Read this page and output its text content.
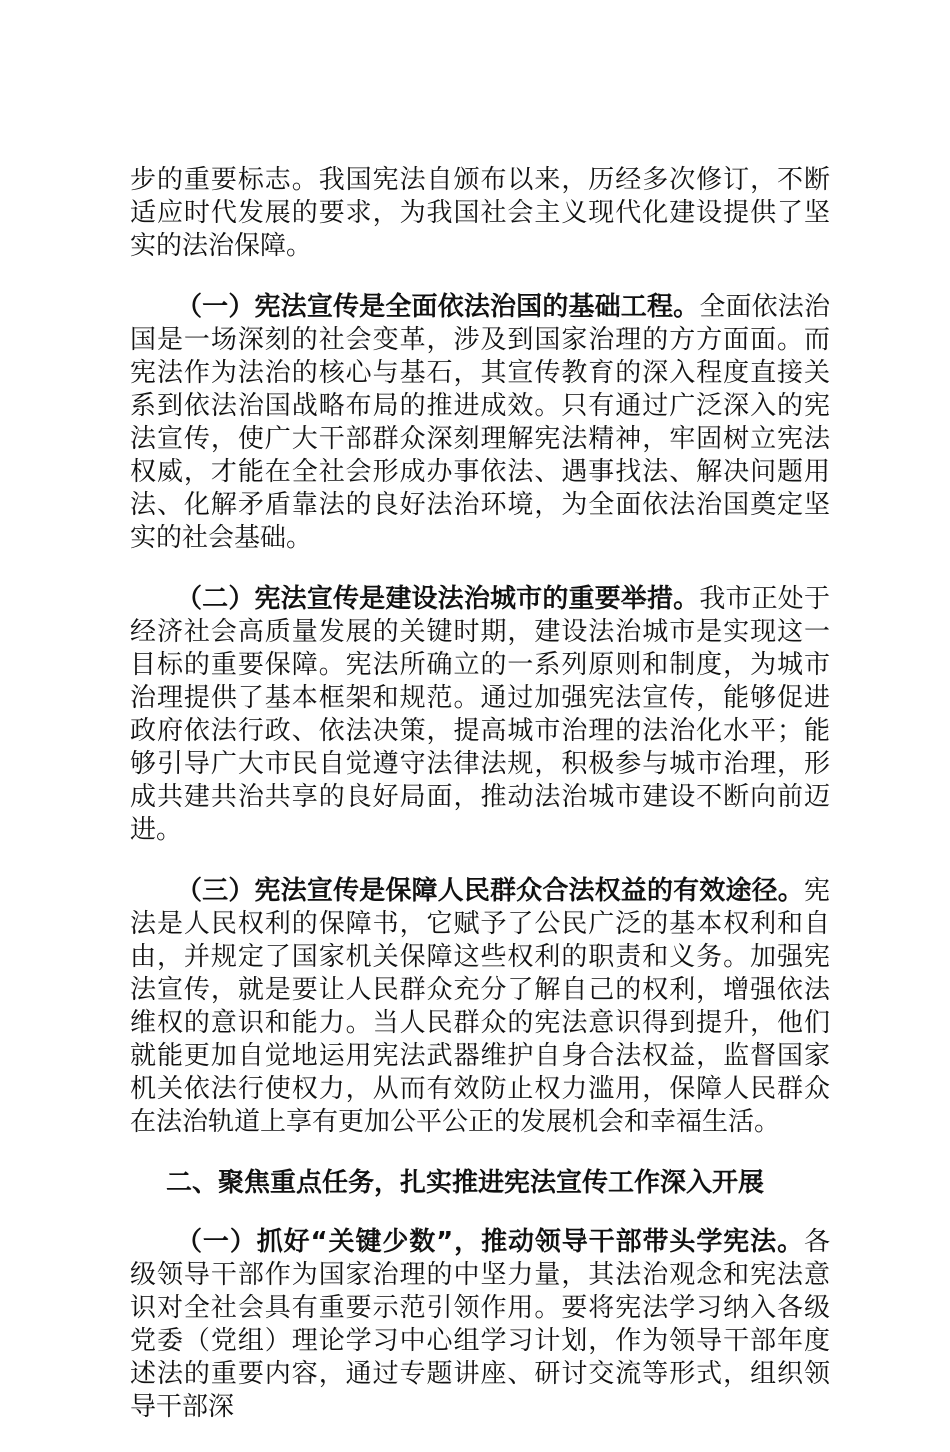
步的重要标志。我国宪法自颁布以来，历经多次修订，不断适应时代发展的要求，为我国社会主义现代化建设提供了坚实的法治保障。

（一）宪法宣传是全面依法治国的基础工程。全面依法治国是一场深刻的社会变革，涉及到国家治理的方方面面。而宪法作为法治的核心与基石，其宣传教育的深入程度直接关系到依法治国战略布局的推进成效。只有通过广泛深入的宪法宣传，使广大干部群众深刻理解宪法精神，牢固树立宪法权威，才能在全社会形成办事依法、遇事找法、解决问题用法、化解矛盾靠法的良好法治环境，为全面依法治国奠定坚实的社会基础。

（二）宪法宣传是建设法治城市的重要举措。我市正处于经济社会高质量发展的关键时期，建设法治城市是实现这一目标的重要保障。宪法所确立的一系列原则和制度，为城市治理提供了基本框架和规范。通过加强宪法宣传，能够促进政府依法行政、依法决策，提高城市治理的法治化水平；能够引导广大市民自觉遵守法律法规，积极参与城市治理，形成共建共治共享的良好局面，推动法治城市建设不断向前迈进。

（三）宪法宣传是保障人民群众合法权益的有效途径。宪法是人民权利的保障书，它赋予了公民广泛的基本权利和自由，并规定了国家机关保障这些权利的职责和义务。加强宪法宣传，就是要让人民群众充分了解自己的权利，增强依法维权的意识和能力。当人民群众的宪法意识得到提升，他们就能更加自觉地运用宪法武器维护自身合法权益，监督国家机关依法行使权力，从而有效防止权力滥用，保障人民群众在法治轨道上享有更加公平公正的发展机会和幸福生活。

二、聚焦重点任务，扎实推进宪法宣传工作深入开展

（一）抓好“关键少数”，推动领导干部带头学宪法。各级领导干部作为国家治理的中坚力量，其法治观念和宪法意识对全社会具有重要示范引领作用。要将宪法学习纳入各级党委（党组）理论学习中心组学习计划，作为领导干部年度述法的重要内容，通过专题讲座、研讨交流等形式，组织领导干部深
